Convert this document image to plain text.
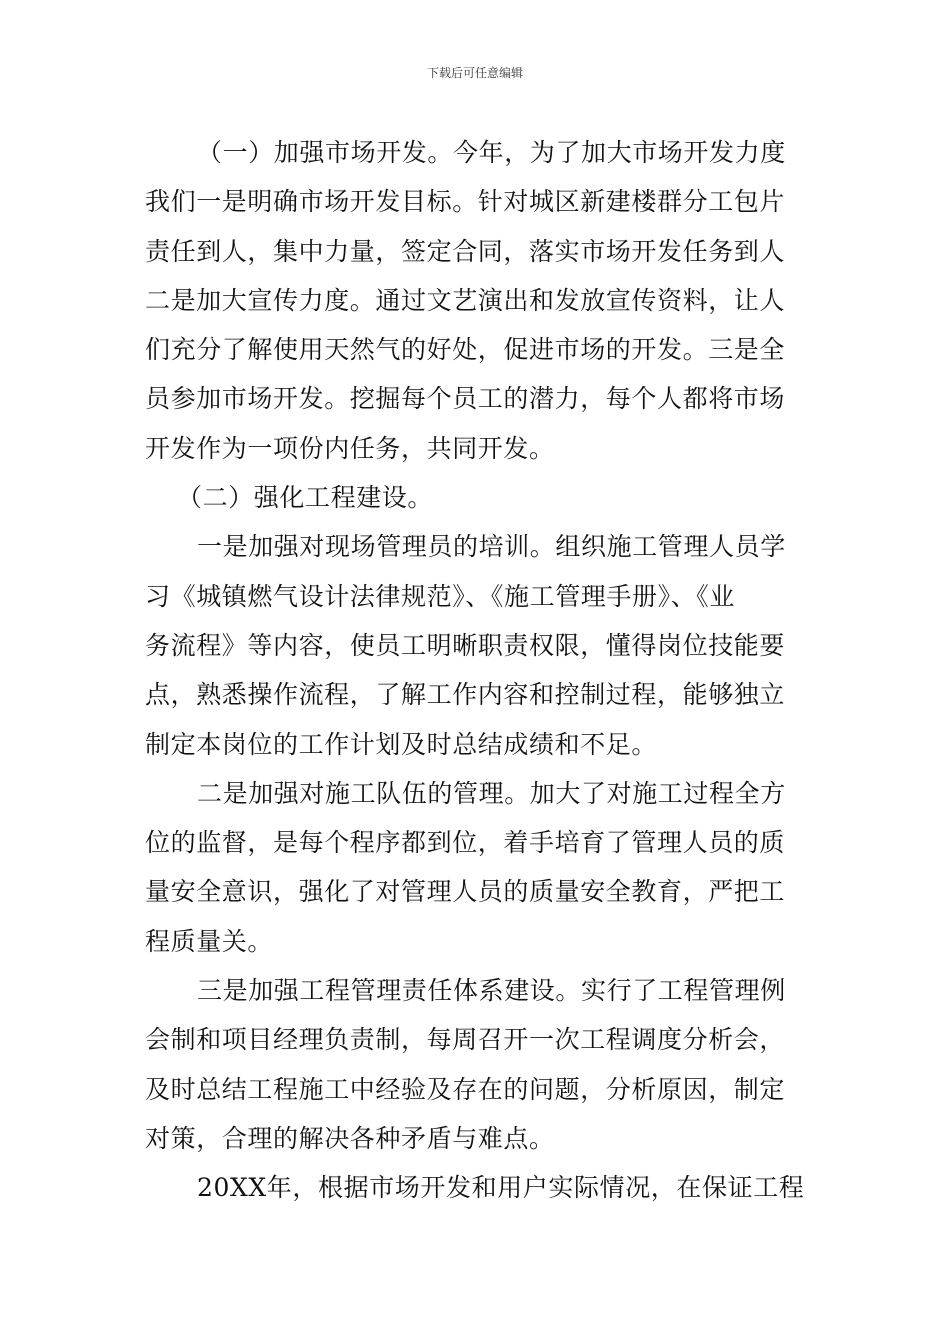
下载后可任意编辑
（一）加强市场开发。今年，为了加大市场开发力度
我们一是明确市场开发目标。针对城区新建楼群分工包片
责任到人，集中力量，签定合同，落实市场开发任务到人
二是加大宣传力度。通过文艺演出和发放宣传资料，让人
们充分了解使用天然气的好处，促进市场的开发。三是全
员参加市场开发。挖掘每个员工的潜力，每个人都将市场
开发作为一项份内任务，共同开发。
（二）强化工程建设。
一是加强对现场管理员的培训。组织施工管理人员学
习《城镇燃气设计法律规范》、《施工管理手册》、《业
务流程》等内容，使员工明晰职责权限，懂得岗位技能要
点，熟悉操作流程，了解工作内容和控制过程，能够独立
制定本岗位的工作计划及时总结成绩和不足。
二是加强对施工队伍的管理。加大了对施工过程全方
位的监督，是每个程序都到位，着手培育了管理人员的质
量安全意识，强化了对管理人员的质量安全教育，严把工
程质量关。
三是加强工程管理责任体系建设。实行了工程管理例
会制和项目经理负责制，每周召开一次工程调度分析会，
及时总结工程施工中经验及存在的问题，分析原因，制定
对策，合理的解决各种矛盾与难点。
20XX年，根据市场开发和用户实际情况，在保证工程
